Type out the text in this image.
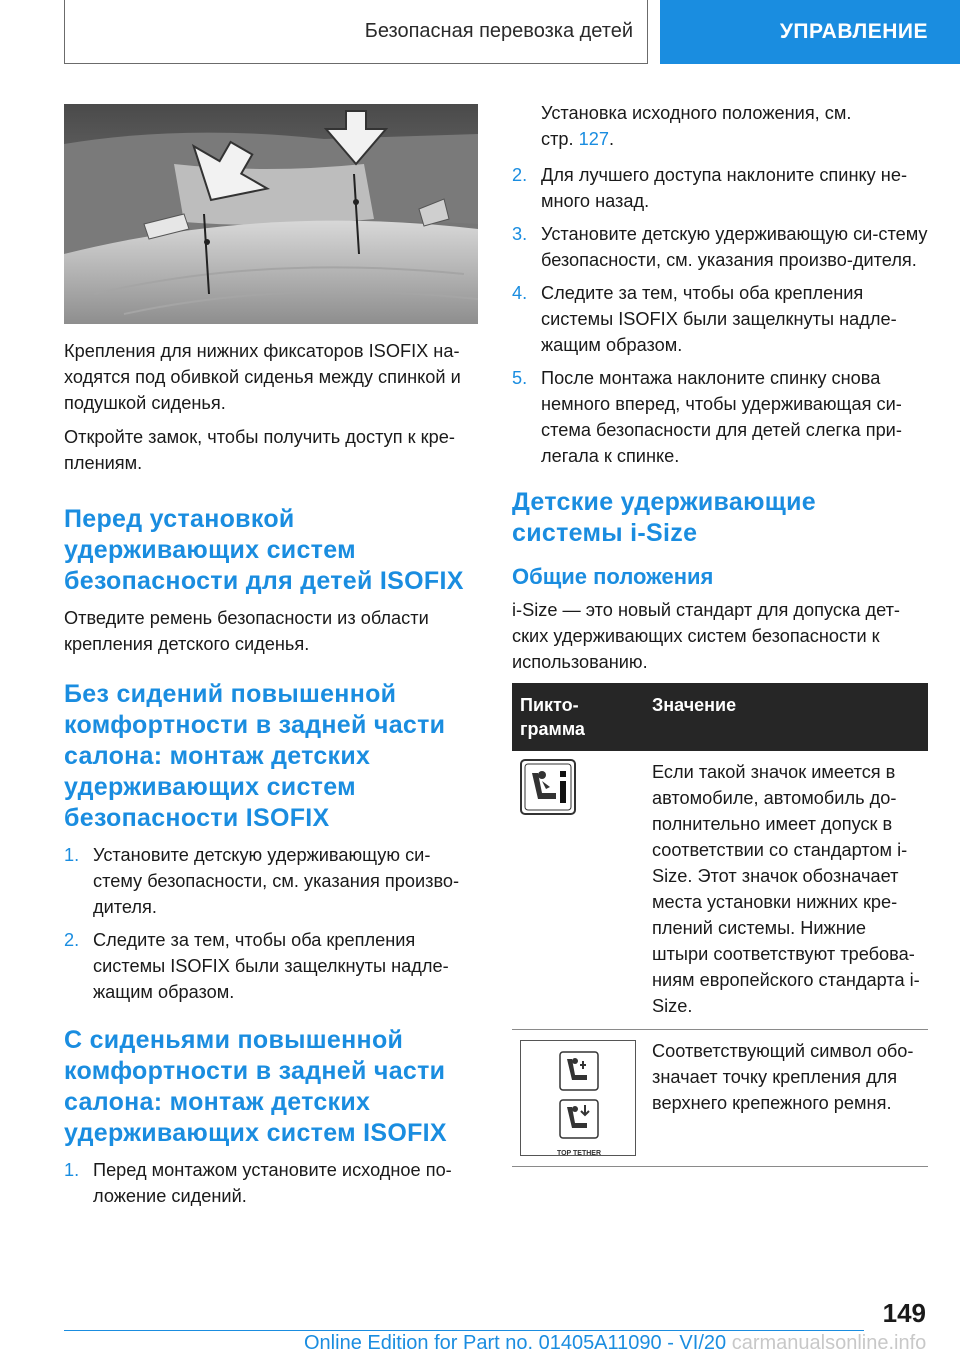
Безопасная перевозка детей	УПРАВЛЕНИЕ

Крепления для нижних фиксаторов ISOFIX на-ходятся под обивкой сиденья между спинкой и подушкой сиденья.

Откройте замок, чтобы получить доступ к кре-плениям.

Перед установкой удерживающих систем безопасности для детей ISOFIX

Отведите ремень безопасности из области крепления детского сиденья.

Без сидений повышенной комфортности в задней части салона: монтаж детских удерживающих систем безопасности ISOFIX
1. Установите детскую удерживающую си-стему безопасности, см. указания произво-дителя.
2. Следите за тем, чтобы оба крепления системы ISOFIX были защелкнуты надле-жащим образом.
С сиденьями повышенной комфортности в задней части салона: монтаж детских удерживающих систем ISOFIX
1. Перед монтажом установите исходное по-ложение сидений.

Установка исходного положения, см.
стр. 127.

2. Для лучшего доступа наклоните спинку не-много назад.
3. Установите детскую удерживающую си-стему безопасности, см. указания произво-дителя.
4. Следите за тем, чтобы оба крепления системы ISOFIX были защелкнуты надле-жащим образом.
5. После монтажа наклоните спинку снова немного вперед, чтобы удерживающая си-стема безопасности для детей слегка при-легала к спинке.
Детские удерживающие системы i-Size
Общие положения

i-Size — это новый стандарт для допуска дет-ских удерживающих систем безопасности к использованию.

Пикто-грамма	Значение
	Если такой значок имеется в автомобиле, автомобиль до-полнительно имеет допуск в соответствии со стандартом i-Size. Этот значок обозначает места установки нижних кре-плений системы. Нижние штыри соответствуют требова-ниям европейского стандарта i-Size.

TOP TETHER	Соответствующий символ обо-значает точку крепления для верхнего крепежного ремня.
149
Online Edition for Part no. 01405A11090 - VI/20 carmanualsonline.info
